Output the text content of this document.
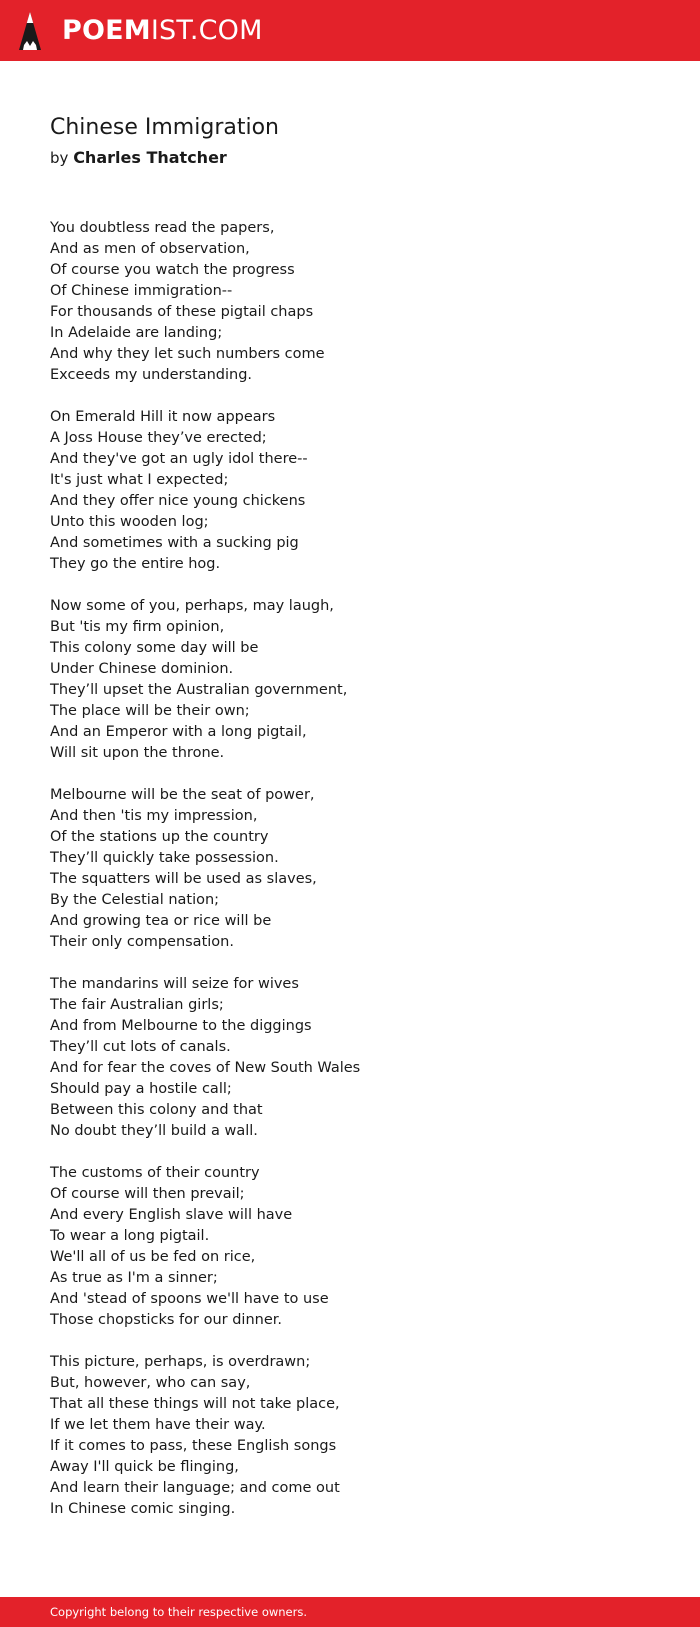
POEMIST.COM
Chinese Immigration
by Charles Thatcher
You doubtless read the papers,
And as men of observation,
Of course you watch the progress
Of Chinese immigration--
For thousands of these pigtail chaps
In Adelaide are landing;
And why they let such numbers come
Exceeds my understanding.
On Emerald Hill it now appears
A Joss House they’ve erected;
And they've got an ugly idol there--
It's just what I expected;
And they offer nice young chickens
Unto this wooden log;
And sometimes with a sucking pig
They go the entire hog.
Now some of you, perhaps, may laugh,
But 'tis my firm opinion,
This colony some day will be
Under Chinese dominion.
They’ll upset the Australian government,
The place will be their own;
And an Emperor with a long pigtail,
Will sit upon the throne.
Melbourne will be the seat of power,
And then 'tis my impression,
Of the stations up the country
They’ll quickly take possession.
The squatters will be used as slaves,
By the Celestial nation;
And growing tea or rice will be
Their only compensation.
The mandarins will seize for wives
The fair Australian girls;
And from Melbourne to the diggings
They’ll cut lots of canals.
And for fear the coves of New South Wales
Should pay a hostile call;
Between this colony and that
No doubt they’ll build a wall.
The customs of their country
Of course will then prevail;
And every English slave will have
To wear a long pigtail.
We'll all of us be fed on rice,
As true as I'm a sinner;
And 'stead of spoons we'll have to use
Those chopsticks for our dinner.
This picture, perhaps, is overdrawn;
But, however, who can say,
That all these things will not take place,
If we let them have their way.
If it comes to pass, these English songs
Away I'll quick be flinging,
And learn their language; and come out
In Chinese comic singing.
Copyright belong to their respective owners.
